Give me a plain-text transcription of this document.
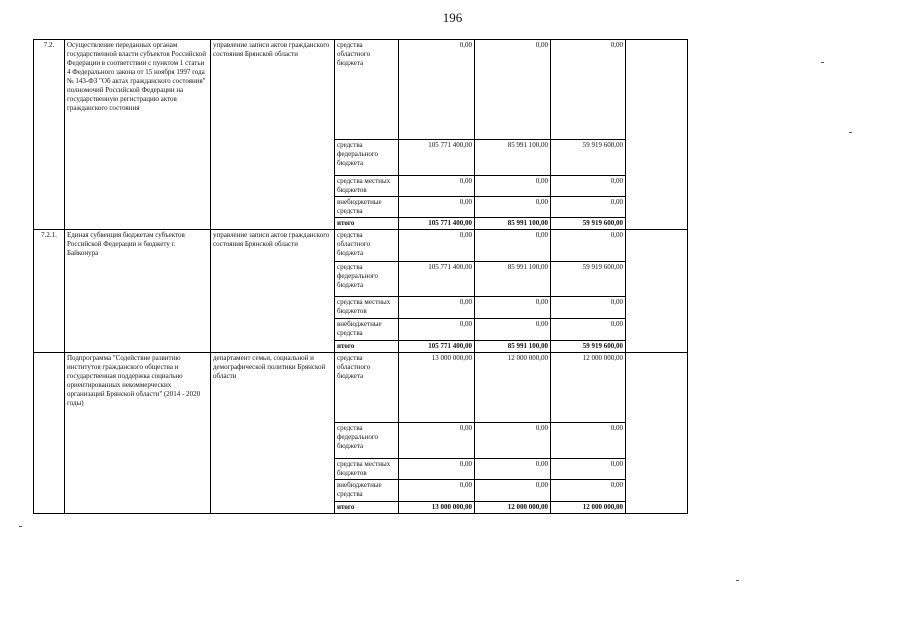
196
7.2.	Осуществление переданных органам государственной власти субъектов Российской Федерации в соответствии с пунктом 1 статьи 4 Федерального закона от 15 ноября 1997 года № 143-ФЗ "Об актах гражданского состояния" полномочий Российской Федерации на государственную регистрацию актов гражданского состояния	управление записи актов гражданского состояния Брянской области	средства областного бюджета	0,00	0,00	0,00	
			средства федерального бюджета	105 771 400,00	85 991 100,00	59 919 600,00	
			средства местных бюджетов	0,00	0,00	0,00	
			внебюджетные средства	0,00	0,00	0,00	
			итого	105 771 400,00	85 991 100,00	59 919 600,00	
7.2.1.	Единая субвенция бюджетам субъектов Российской Федерации и бюджету г. Байконура	управление записи актов гражданского состояния Брянской области	средства областного бюджета	0,00	0,00	0,00	
			средства федерального бюджета	105 771 400,00	85 991 100,00	59 919 600,00	
			средства местных бюджетов	0,00	0,00	0,00	
			внебюджетные средства	0,00	0,00	0,00	
			итого	105 771 400,00	85 991 100,00	59 919 600,00	
	Подпрограмма "Содействие развитию институтов гражданского общества и государственная поддержка социально ориентированных некоммерческих организаций Брянской области" (2014 - 2020 годы)	департамент семьи, социальной и демографической политики Брянской области	средства областного бюджета	13 000 000,00	12 000 000,00	12 000 000,00	
			средства федерального бюджета	0,00	0,00	0,00	
			средства местных бюджетов	0,00	0,00	0,00	
			внебюджетные средства	0,00	0,00	0,00	
			итого	13 000 000,00	12 000 000,00	12 000 000,00	
